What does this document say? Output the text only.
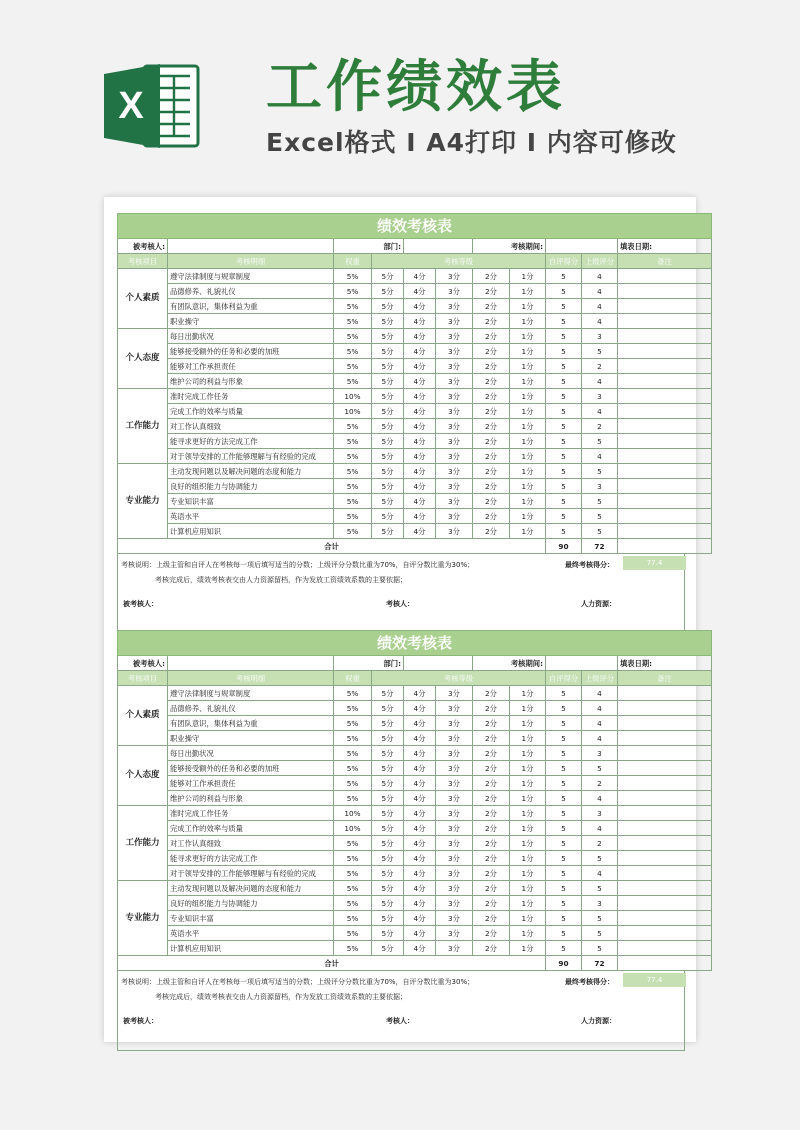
X 工作绩效表
Excel格式 I A4打印 I 内容可修改
绩效考核表										
被考核人:		部门:				考核期间:				填表日期:
考核项目	考核明细	权重	考核等级					自评得分	上级评分	备注
个人素质	遵守法律制度与规章制度	5%	5分	4分	3分	2分	1分	5	4	
	品德修养、礼貌礼仪	5%	5分	4分	3分	2分	1分	5	4	
	有团队意识，集体利益为重	5%	5分	4分	3分	2分	1分	5	4	
	职业操守	5%	5分	4分	3分	2分	1分	5	4	
个人态度	每日出勤状况	5%	5分	4分	3分	2分	1分	5	3	
	能够接受额外的任务和必要的加班	5%	5分	4分	3分	2分	1分	5	5	
	能够对工作承担责任	5%	5分	4分	3分	2分	1分	5	2	
	维护公司的利益与形象	5%	5分	4分	3分	2分	1分	5	4	
工作能力	准时完成工作任务	10%	5分	4分	3分	2分	1分	5	3	
	完成工作的效率与质量	10%	5分	4分	3分	2分	1分	5	4	
	对工作认真细致	5%	5分	4分	3分	2分	1分	5	2	
	能寻求更好的方法完成工作	5%	5分	4分	3分	2分	1分	5	5	
	对于领导安排的工作能够理解与有经验的完成	5%	5分	4分	3分	2分	1分	5	4	
专业能力	主动发现问题以及解决问题的态度和能力	5%	5分	4分	3分	2分	1分	5	5	
	良好的组织能力与协调能力	5%	5分	4分	3分	2分	1分	5	3	
	专业知识丰富	5%	5分	4分	3分	2分	1分	5	5	
	英语水平	5%	5分	4分	3分	2分	1分	5	5	
	计算机应用知识	5%	5分	4分	3分	2分	1分	5	5	
合计								90	72	
考核说明：上级主管和自评人在考核每一项后填写适当的分数；上级评分分数比重为70%，自评分数比重为30%；
考核完成后，绩效考核表交由人力资源留档，作为发放工资绩效系数的主要依据；
最终考核得分：	77.4
被考核人：	考核人：	人力资源：
绩效考核表										
被考核人:		部门:				考核期间:				填表日期:
考核项目	考核明细	权重	考核等级					自评得分	上级评分	备注
个人素质	遵守法律制度与规章制度	5%	5分	4分	3分	2分	1分	5	4	
	品德修养、礼貌礼仪	5%	5分	4分	3分	2分	1分	5	4	
	有团队意识，集体利益为重	5%	5分	4分	3分	2分	1分	5	4	
	职业操守	5%	5分	4分	3分	2分	1分	5	4	
个人态度	每日出勤状况	5%	5分	4分	3分	2分	1分	5	3	
	能够接受额外的任务和必要的加班	5%	5分	4分	3分	2分	1分	5	5	
	能够对工作承担责任	5%	5分	4分	3分	2分	1分	5	2	
	维护公司的利益与形象	5%	5分	4分	3分	2分	1分	5	4	
工作能力	准时完成工作任务	10%	5分	4分	3分	2分	1分	5	3	
	完成工作的效率与质量	10%	5分	4分	3分	2分	1分	5	4	
	对工作认真细致	5%	5分	4分	3分	2分	1分	5	2	
	能寻求更好的方法完成工作	5%	5分	4分	3分	2分	1分	5	5	
	对于领导安排的工作能够理解与有经验的完成	5%	5分	4分	3分	2分	1分	5	4	
专业能力	主动发现问题以及解决问题的态度和能力	5%	5分	4分	3分	2分	1分	5	5	
	良好的组织能力与协调能力	5%	5分	4分	3分	2分	1分	5	3	
	专业知识丰富	5%	5分	4分	3分	2分	1分	5	5	
	英语水平	5%	5分	4分	3分	2分	1分	5	5	
	计算机应用知识	5%	5分	4分	3分	2分	1分	5	5	
合计								90	72	
考核说明：上级主管和自评人在考核每一项后填写适当的分数；上级评分分数比重为70%，自评分数比重为30%；
考核完成后，绩效考核表交由人力资源留档，作为发放工资绩效系数的主要依据；
最终考核得分：	77.4
被考核人：	考核人：	人力资源：
